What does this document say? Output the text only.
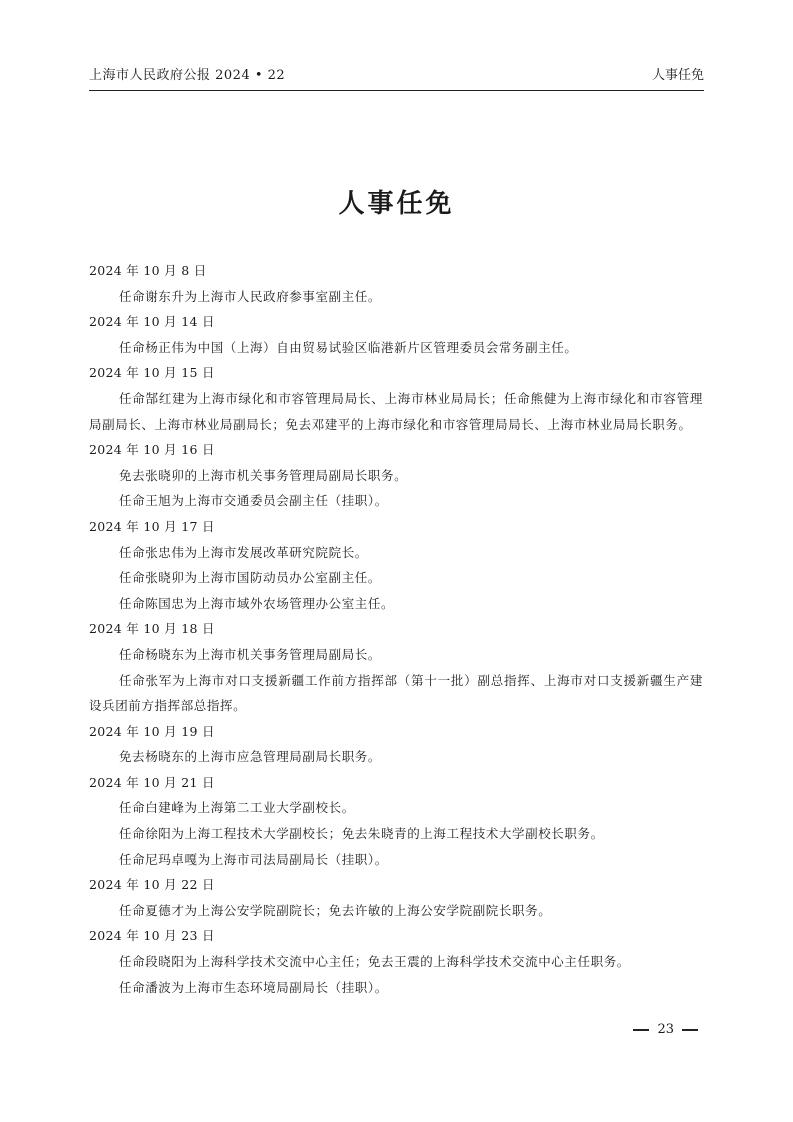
上海市人民政府公报 2024 • 22	人事任免
人事任免

2024 年 10 月 8 日

任命谢东升为上海市人民政府参事室副主任。

2024 年 10 月 14 日

任命杨正伟为中国（上海）自由贸易试验区临港新片区管理委员会常务副主任。

2024 年 10 月 15 日

任命郜红建为上海市绿化和市容管理局局长、上海市林业局局长；任命熊健为上海市绿化和市容管理局副局长、上海市林业局副局长；免去邓建平的上海市绿化和市容管理局局长、上海市林业局局长职务。

2024 年 10 月 16 日

免去张晓卯的上海市机关事务管理局副局长职务。

任命王旭为上海市交通委员会副主任（挂职）。

2024 年 10 月 17 日

任命张忠伟为上海市发展改革研究院院长。

任命张晓卯为上海市国防动员办公室副主任。

任命陈国忠为上海市域外农场管理办公室主任。

2024 年 10 月 18 日

任命杨晓东为上海市机关事务管理局副局长。

任命张军为上海市对口支援新疆工作前方指挥部（第十一批）副总指挥、上海市对口支援新疆生产建设兵团前方指挥部总指挥。

2024 年 10 月 19 日

免去杨晓东的上海市应急管理局副局长职务。

2024 年 10 月 21 日

任命白建峰为上海第二工业大学副校长。

任命徐阳为上海工程技术大学副校长；免去朱晓青的上海工程技术大学副校长职务。

任命尼玛卓嘎为上海市司法局副局长（挂职）。

2024 年 10 月 22 日

任命夏德才为上海公安学院副院长；免去许敏的上海公安学院副院长职务。

2024 年 10 月 23 日

任命段晓阳为上海科学技术交流中心主任；免去王震的上海科学技术交流中心主任职务。

任命潘波为上海市生态环境局副局长（挂职）。

23
